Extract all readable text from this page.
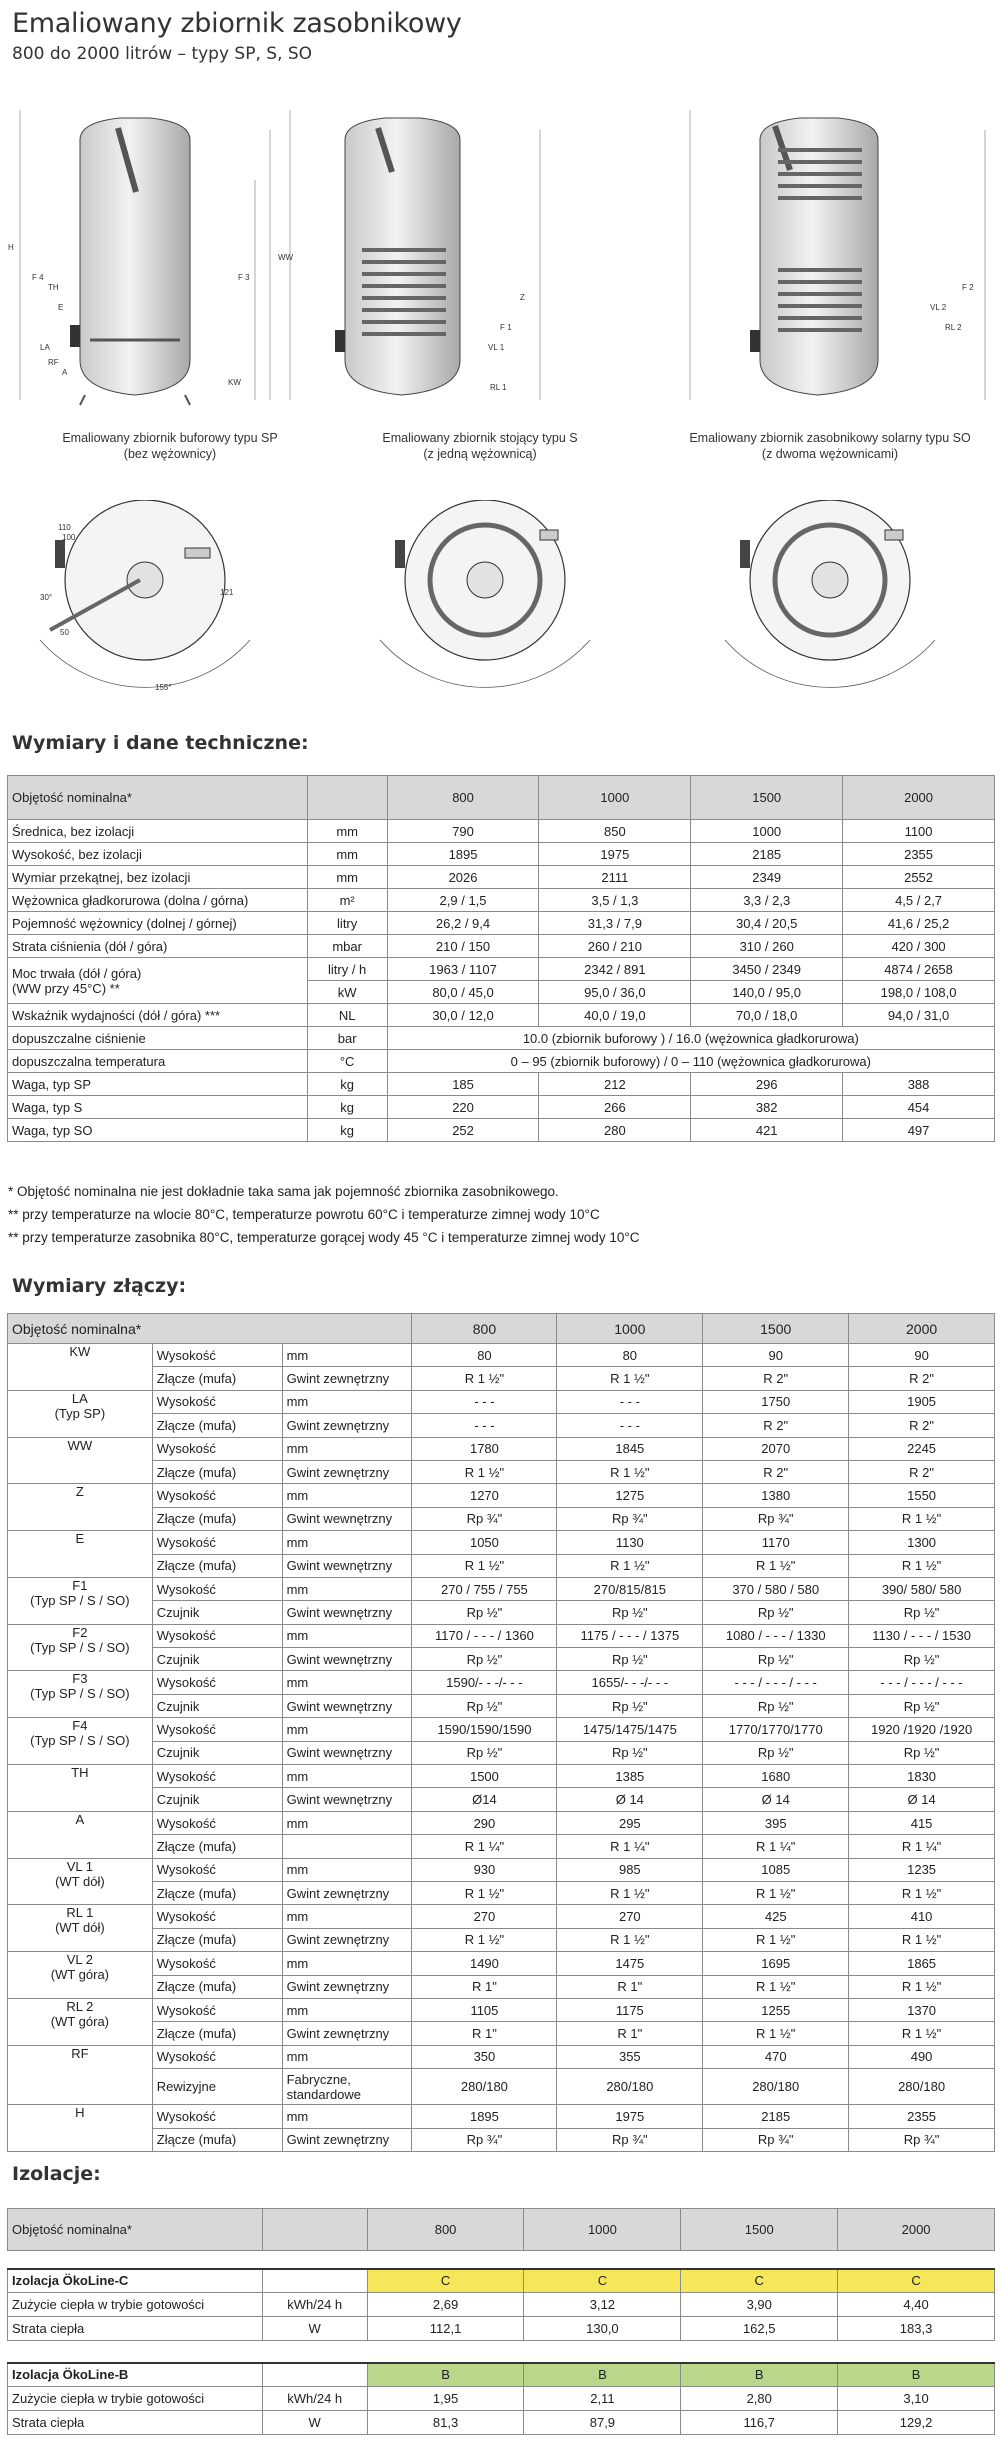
Emaliowany zbiornik zasobnikowy
800 do 2000 litrów – typy SP, S, SO
H
F 4
TH
E
RF
A
LA
KW
F 3
WW
Z
F 1
VL 1
RL 1
VL 2
RL 2
F 2
Emaliowany zbiornik buforowy typu SP
(bez wężownicy)
Emaliowany zbiornik stojący typu S
(z jedną wężownicą)
Emaliowany zbiornik zasobnikowy solarny typu SO
(z dwoma wężownicami)
110
100
121
50
30°
155°
Wymiary i dane techniczne:
Objętość nominalna*		800	1000	1500	2000
Średnica, bez izolacji	mm	790	850	1000	1100
Wysokość, bez izolacji	mm	1895	1975	2185	2355
Wymiar przekątnej, bez izolacji	mm	2026	2111	2349	2552
Wężownica gładkorurowa (dolna / górna)	m²	2,9 / 1,5	3,5 / 1,3	3,3 / 2,3	4,5 / 2,7
Pojemność wężownicy (dolnej / górnej)	litry	26,2 / 9,4	31,3 / 7,9	30,4 / 20,5	41,6 / 25,2
Strata ciśnienia (dół / góra)	mbar	210 / 150	260 / 210	310 / 260	420 / 300

Moc trwała (dół / góra)
(WW przy 45°C) **	litry / h	1963 / 1107	2342 / 891	3450 / 2349	4874 / 2658
	kW	80,0 / 45,0	95,0 / 36,0	140,0 / 95,0	198,0 / 108,0
Wskaźnik wydajności (dół / góra) ***	NL	30,0 / 12,0	40,0 / 19,0	70,0 / 18,0	94,0 / 31,0
dopuszczalne ciśnienie	bar	10.0 (zbiornik buforowy ) / 16.0 (wężownica gładkorurowa)			
dopuszczalna temperatura	°C	0 – 95 (zbiornik buforowy) / 0 – 110 (wężownica gładkorurowa)			
Waga, typ SP	kg	185	212	296	388
Waga, typ S	kg	220	266	382	454
Waga, typ SO	kg	252	280	421	497
* Objętość nominalna nie jest dokładnie taka sama jak pojemność zbiornika zasobnikowego.
** przy temperaturze na wlocie 80°C, temperaturze powrotu 60°C i temperaturze zimnej wody 10°C
** przy temperaturze zasobnika 80°C, temperaturze gorącej wody 45 °C i temperaturze zimnej wody 10°C
Wymiary złączy:
Objętość nominalna*			800	1000	1500	2000

KW	Wysokość	mm	80	80	90	90
	Złącze (mufa)	Gwint zewnętrzny	R 1 ½"	R 1 ½"	R 2"	R 2"

LA
(Typ SP)	Wysokość	mm	- - -	- - -	1750	1905
	Złącze (mufa)	Gwint zewnętrzny	- - -	- - -	R 2"	R 2"

WW	Wysokość	mm	1780	1845	2070	2245
	Złącze (mufa)	Gwint zewnętrzny	R 1 ½"	R 1 ½"	R 2"	R 2"

Z	Wysokość	mm	1270	1275	1380	1550
	Złącze (mufa)	Gwint wewnętrzny	Rp ¾"	Rp ¾"	Rp ¾"	R 1 ½"

E	Wysokość	mm	1050	1130	1170	1300
	Złącze (mufa)	Gwint wewnętrzny	R 1 ½"	R 1 ½"	R 1 ½"	R 1 ½"

F1
(Typ SP / S / SO)	Wysokość	mm	270 / 755 / 755	270/815/815	370 / 580 / 580	390/ 580/ 580
	Czujnik	Gwint wewnętrzny	Rp ½"	Rp ½"	Rp ½"	Rp ½"

F2
(Typ SP / S / SO)	Wysokość	mm	1170 / - - - / 1360	1175 / - - - / 1375	1080 / - - - / 1330	1130 / - - - / 1530
	Czujnik	Gwint wewnętrzny	Rp ½"	Rp ½"	Rp ½"	Rp ½"

F3
(Typ SP / S / SO)	Wysokość	mm	1590/- - -/- - -	1655/- - -/- - -	- - - / - - - / - - -	- - - / - - - / - - -
	Czujnik	Gwint wewnętrzny	Rp ½"	Rp ½"	Rp ½"	Rp ½"

F4
(Typ SP / S / SO)	Wysokość	mm	1590/1590/1590	1475/1475/1475	1770/1770/1770	1920 /1920 /1920
	Czujnik	Gwint wewnętrzny	Rp ½"	Rp ½"	Rp ½"	Rp ½"

TH	Wysokość	mm	1500	1385	1680	1830
	Czujnik	Gwint wewnętrzny	Ø14	Ø 14	Ø 14	Ø 14

A	Wysokość	mm	290	295	395	415
	Złącze (mufa)		R 1 ¼"	R 1 ¼"	R 1 ¼"	R 1 ¼"

VL 1
(WT dół)	Wysokość	mm	930	985	1085	1235
	Złącze (mufa)	Gwint zewnętrzny	R 1 ½"	R 1 ½"	R 1 ½"	R 1 ½"

RL 1
(WT dół)	Wysokość	mm	270	270	425	410
	Złącze (mufa)	Gwint zewnętrzny	R 1 ½"	R 1 ½"	R 1 ½"	R 1 ½"

VL 2
(WT góra)	Wysokość	mm	1490	1475	1695	1865
	Złącze (mufa)	Gwint zewnętrzny	R 1"	R 1"	R 1 ½"	R 1 ½"

RL 2
(WT góra)	Wysokość	mm	1105	1175	1255	1370
	Złącze (mufa)	Gwint zewnętrzny	R 1"	R 1"	R 1 ½"	R 1 ½"

RF	Wysokość	mm	350	355	470	490
	Rewizyjne	Fabryczne, standardowe	280/180	280/180	280/180	280/180

H	Wysokość	mm	1895	1975	2185	2355
	Złącze (mufa)	Gwint zewnętrzny	Rp ¾"	Rp ¾"	Rp ¾"	Rp ¾"
Izolacje:
Objętość nominalna*		800	1000	1500	2000

Izolacja ÖkoLine-C		C	C	C	C
Zużycie ciepła w trybie gotowości	kWh/24 h	2,69	3,12	3,90	4,40
Strata ciepła	W	112,1	130,0	162,5	183,3

Izolacja ÖkoLine-B		B	B	B	B
Zużycie ciepła w trybie gotowości	kWh/24 h	1,95	2,11	2,80	3,10
Strata ciepła	W	81,3	87,9	116,7	129,2
